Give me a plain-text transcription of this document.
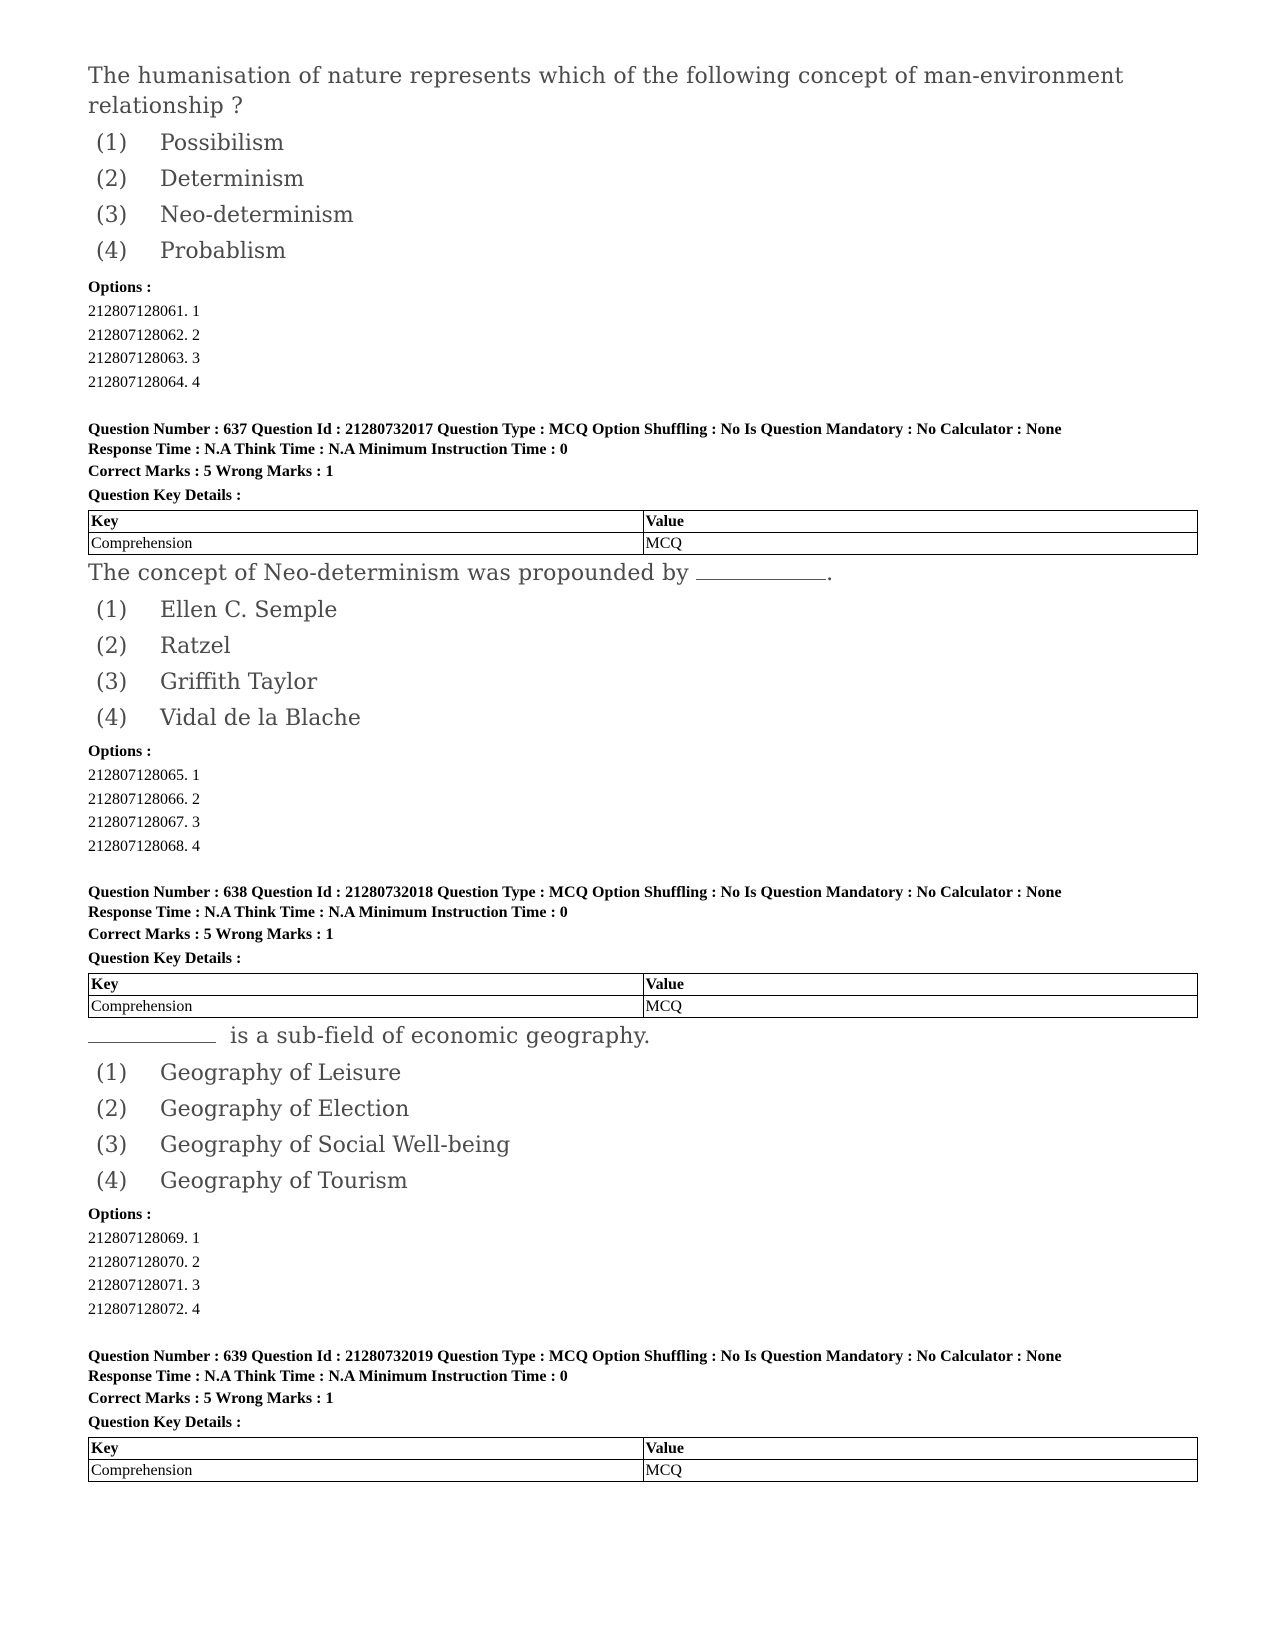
The humanisation of nature represents which of the following concept of man-environment relationship ?

(1)	Possibilism
(2)	Determinism
(3)	Neo-determinism
(4)	Probablism
Options :
212807128061. 1
212807128062. 2
212807128063. 3
212807128064. 4
Question Number : 637 Question Id : 21280732017 Question Type : MCQ Option Shuffling : No Is Question Mandatory : No Calculator : None
Response Time : N.A Think Time : N.A Minimum Instruction Time : 0
Correct Marks : 5 Wrong Marks : 1
Question Key Details :
Key	Value
Comprehension	MCQ

The concept of Neo-determinism was propounded by	.

(1)	Ellen C. Semple
(2)	Ratzel
(3)	Griffith Taylor
(4)	Vidal de la Blache
Options :
212807128065. 1
212807128066. 2
212807128067. 3
212807128068. 4
Question Number : 638 Question Id : 21280732018 Question Type : MCQ Option Shuffling : No Is Question Mandatory : No Calculator : None
Response Time : N.A Think Time : N.A Minimum Instruction Time : 0
Correct Marks : 5 Wrong Marks : 1
Question Key Details :
Key	Value
Comprehension	MCQ

is a sub-field of economic geography.

(1)	Geography of Leisure
(2)	Geography of Election
(3)	Geography of Social Well-being
(4)	Geography of Tourism
Options :
212807128069. 1
212807128070. 2
212807128071. 3
212807128072. 4
Question Number : 639 Question Id : 21280732019 Question Type : MCQ Option Shuffling : No Is Question Mandatory : No Calculator : None
Response Time : N.A Think Time : N.A Minimum Instruction Time : 0
Correct Marks : 5 Wrong Marks : 1
Question Key Details :
Key	Value
Comprehension	MCQ
